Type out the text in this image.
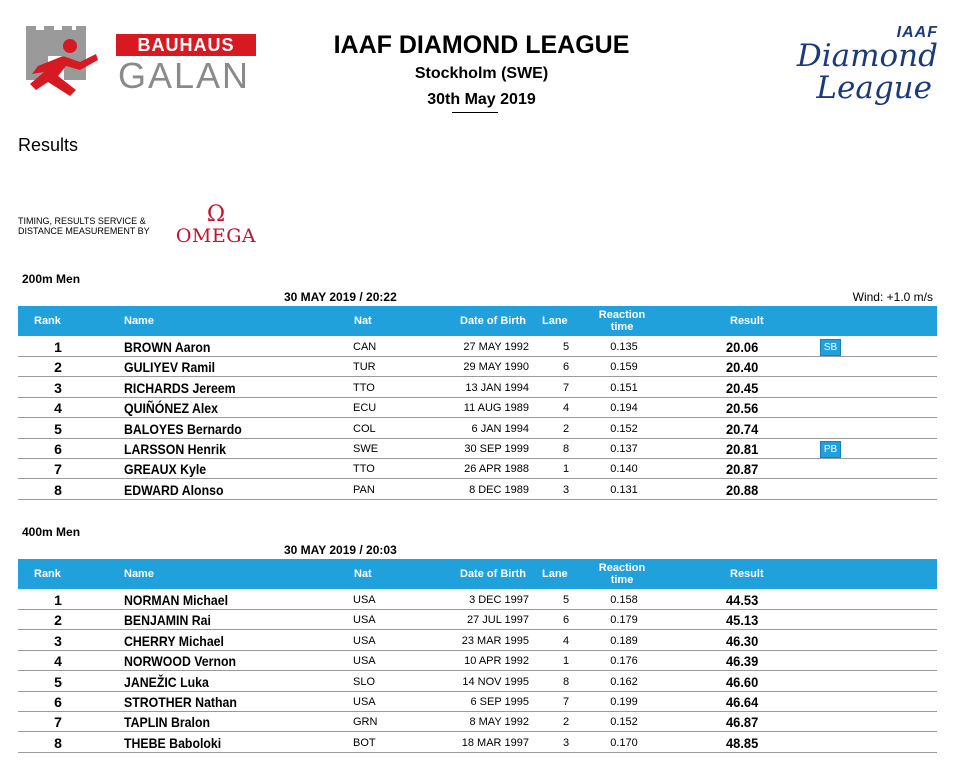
BAUHAUS
GALAN
IAAF DIAMOND LEAGUE
Stockholm (SWE)
30th May 2019
IAAF
Diamond
League
Results
TIMING, RESULTS SERVICE &
DISTANCE MEASUREMENT BY
Ω
OMEGA
200m Men
30 MAY 2019 / 20:22	Wind: +1.0 m/s
Rank	Name	Nat	Date of Birth Lane	Reaction
time	Result
1	BROWN Aaron	CAN	27 MAY 1992	5	0.135	20.06	SB
2	GULIYEV Ramil	TUR	29 MAY 1990	6	0.159	20.40
3	RICHARDS Jereem	TTO	13 JAN 1994	7	0.151	20.45
4	QUIÑÓNEZ Alex	ECU	11 AUG 1989	4	0.194	20.56
5	BALOYES Bernardo	COL	6 JAN 1994	2	0.152	20.74
6	LARSSON Henrik	SWE	30 SEP 1999	8	0.137	20.81	PB
7	GREAUX Kyle	TTO	26 APR 1988	1	0.140	20.87
8	EDWARD Alonso	PAN	8 DEC 1989	3	0.131	20.88
400m Men
30 MAY 2019 / 20:03
Rank	Name	Nat	Date of Birth Lane	Reaction
time	Result
1	NORMAN Michael	USA	3 DEC 1997	5	0.158	44.53
2	BENJAMIN Rai	USA	27 JUL 1997	6	0.179	45.13
3	CHERRY Michael	USA	23 MAR 1995	4	0.189	46.30
4	NORWOOD Vernon	USA	10 APR 1992	1	0.176	46.39
5	JANEŽIC Luka	SLO	14 NOV 1995	8	0.162	46.60
6	STROTHER Nathan	USA	6 SEP 1995	7	0.199	46.64
7	TAPLIN Bralon	GRN	8 MAY 1992	2	0.152	46.87
8	THEBE Baboloki	BOT	18 MAR 1997	3	0.170	48.85
